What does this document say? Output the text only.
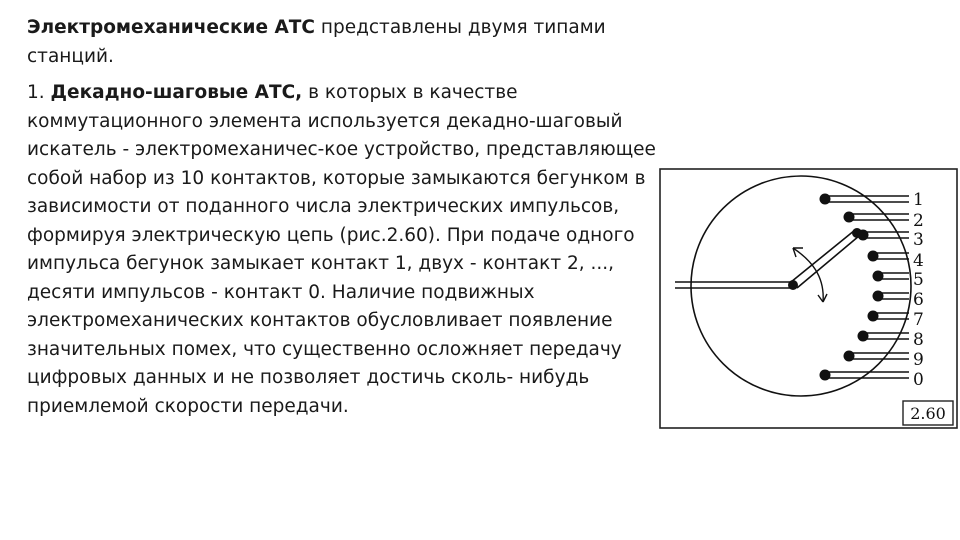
Электромеханические АТС представлены двумя типами станций.

1. Декадно-шаговые АТС, в которых в качестве коммутационного элемента используется декадно-шаговый искатель - электромеханичес-кое устройство, представляющее собой набор из 10 контактов, которые замыкаются бегунком в зависимости от поданного числа электрических импульсов, формируя электрическую цепь (рис.2.60). При подаче одного импульса бегунок замыкает контакт 1, двух - контакт 2, ..., десяти импульсов - контакт 0. Наличие подвижных электромеханических контактов обусловливает появление значительных помех, что существенно осложняет передачу цифровых данных и не позволяет достичь сколь- нибудь приемлемой скорости передачи.

1
2
3
4
5
6
7
8
9
0
2.60
